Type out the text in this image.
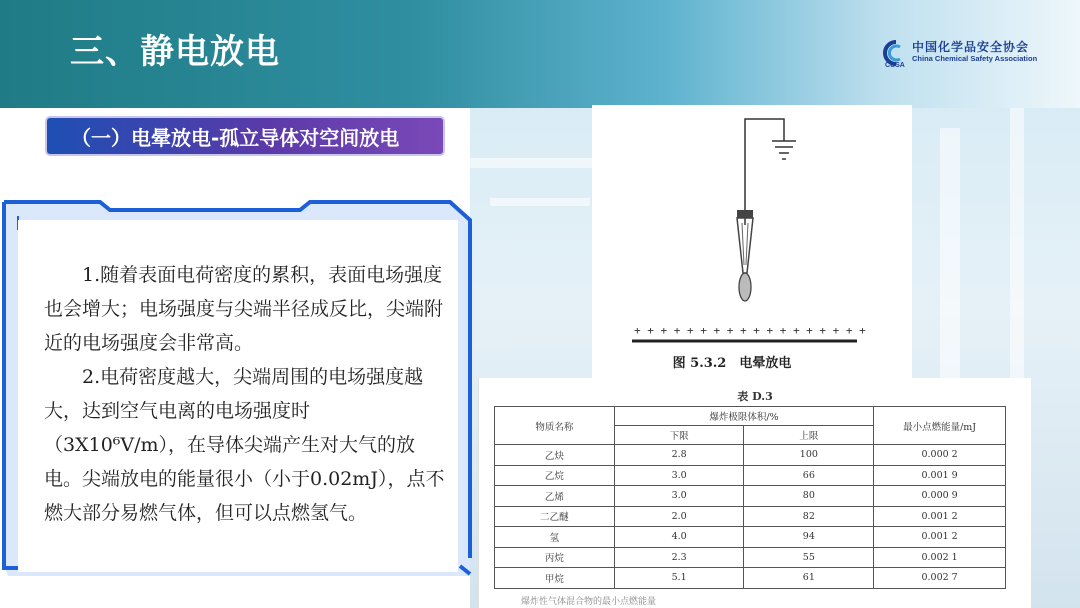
三、静电放电	CCSA
中国化学品安全协会
China Chemical Safety Association
（一）电晕放电-孤立导体对空间放电

1.随着表面电荷密度的累积，表面电场强度也会增大；电场强度与尖端半径成反比，尖端附近的电场强度会非常高。

2.电荷密度越大，尖端周围的电场强度越大，达到空气电离的电场强度时（3X10⁶V/m），在导体尖端产生对大气的放电。尖端放电的能量很小（小于0.02mJ），点不燃大部分易燃气体，但可以点燃氢气。

+ + + + + + + + + + + + + + + + + +
图 5.3.2　电晕放电
表 D.3
物质名称	爆炸极限体积/%		最小点燃能量/mJ
	下限	上限	
乙炔	2.8	100	0.000 2
乙烷	3.0	66	0.001 9
乙烯	3.0	80	0.000 9
二乙醚	2.0	82	0.001 2
氢	4.0	94	0.001 2
丙烷	2.3	55	0.002 1
甲烷	5.1	61	0.002 7
爆炸性气体混合物的最小点燃能量
